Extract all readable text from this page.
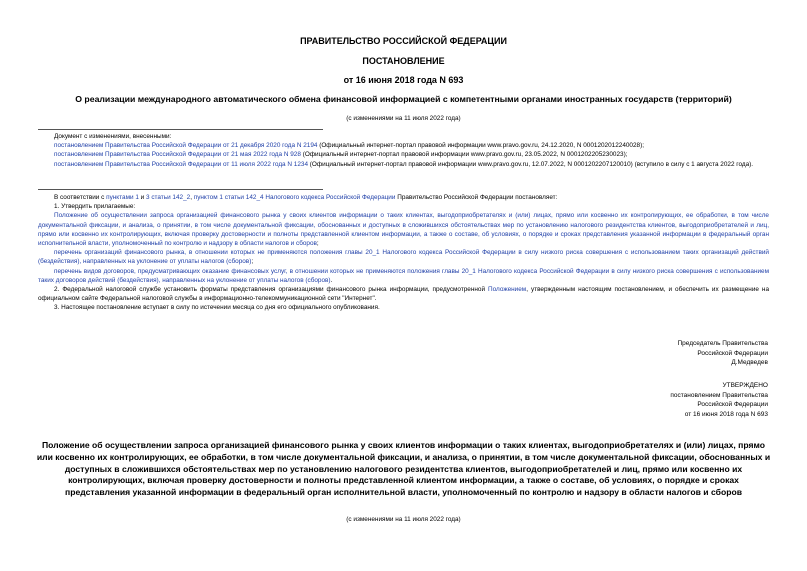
ПРАВИТЕЛЬСТВО РОССИЙСКОЙ ФЕДЕРАЦИИ
ПОСТАНОВЛЕНИЕ
от 16 июня 2018 года N 693
О реализации международного автоматического обмена финансовой информацией с компетентными органами иностранных государств (территорий)
(с изменениями на 11 июля 2022 года)
Документ с изменениями, внесенными:
постановлением Правительства Российской Федерации от 21 декабря 2020 года N 2194 (Официальный интернет-портал правовой информации www.pravo.gov.ru, 24.12.2020, N 0001202012240028);
постановлением Правительства Российской Федерации от 21 мая 2022 года N 928 (Официальный интернет-портал правовой информации www.pravo.gov.ru, 23.05.2022, N 0001202205230023);
постановлением Правительства Российской Федерации от 11 июля 2022 года N 1234 (Официальный интернет-портал правовой информации www.pravo.gov.ru, 12.07.2022, N 0001202207120010) (вступило в силу с 1 августа 2022 года).
В соответствии с пунктами 1 и 3 статьи 142_2, пунктом 1 статьи 142_4 Налогового кодекса Российской Федерации Правительство Российской Федерации постановляет:
1. Утвердить прилагаемые:
Положение об осуществлении запроса организацией финансового рынка у своих клиентов информации о таких клиентах, выгодоприобретателях и (или) лицах, прямо или косвенно их контролирующих, ее обработки, в том числе документальной фиксации, и анализа, о принятии, в том числе документальной фиксации, обоснованных и доступных в сложившихся обстоятельствах мер по установлению налогового резидентства клиентов, выгодоприобретателей и лиц, прямо или косвенно их контролирующих, включая проверку достоверности и полноты представленной клиентом информации, а также о составе, об условиях, о порядке и сроках представления указанной информации в федеральный орган исполнительной власти, уполномоченный по контролю и надзору в области налогов и сборов;
перечень организаций финансового рынка, в отношении которых не применяются положения главы 20_1 Налогового кодекса Российской Федерации в силу низкого риска совершения с использованием таких организаций действий (бездействия), направленных на уклонение от уплаты налогов (сборов);
перечень видов договоров, предусматривающих оказание финансовых услуг, в отношении которых не применяются положения главы 20_1 Налогового кодекса Российской Федерации в силу низкого риска совершения с использованием таких договоров действий (бездействия), направленных на уклонение от уплаты налогов (сборов).
2. Федеральной налоговой службе установить форматы представления организациями финансового рынка информации, предусмотренной Положением, утвержденным настоящим постановлением, и обеспечить их размещение на официальном сайте Федеральной налоговой службы в информационно-телекоммуникационной сети "Интернет".
3. Настоящее постановление вступает в силу по истечении месяца со дня его официального опубликования.
Председатель Правительства
Российской Федерации
Д.Медведев
УТВЕРЖДЕНО
постановлением Правительства
Российской Федерации
от 16 июня 2018 года N 693
Положение об осуществлении запроса организацией финансового рынка у своих клиентов информации о таких клиентах, выгодоприобретателях и (или) лицах, прямо или косвенно их контролирующих, ее обработки, в том числе документальной фиксации, и анализа, о принятии, в том числе документальной фиксации, обоснованных и доступных в сложившихся обстоятельствах мер по установлению налогового резидентства клиентов, выгодоприобретателей и лиц, прямо или косвенно их контролирующих, включая проверку достоверности и полноты представленной клиентом информации, а также о составе, об условиях, о порядке и сроках представления указанной информации в федеральный орган исполнительной власти, уполномоченный по контролю и надзору в области налогов и сборов
(с изменениями на 11 июля 2022 года)
